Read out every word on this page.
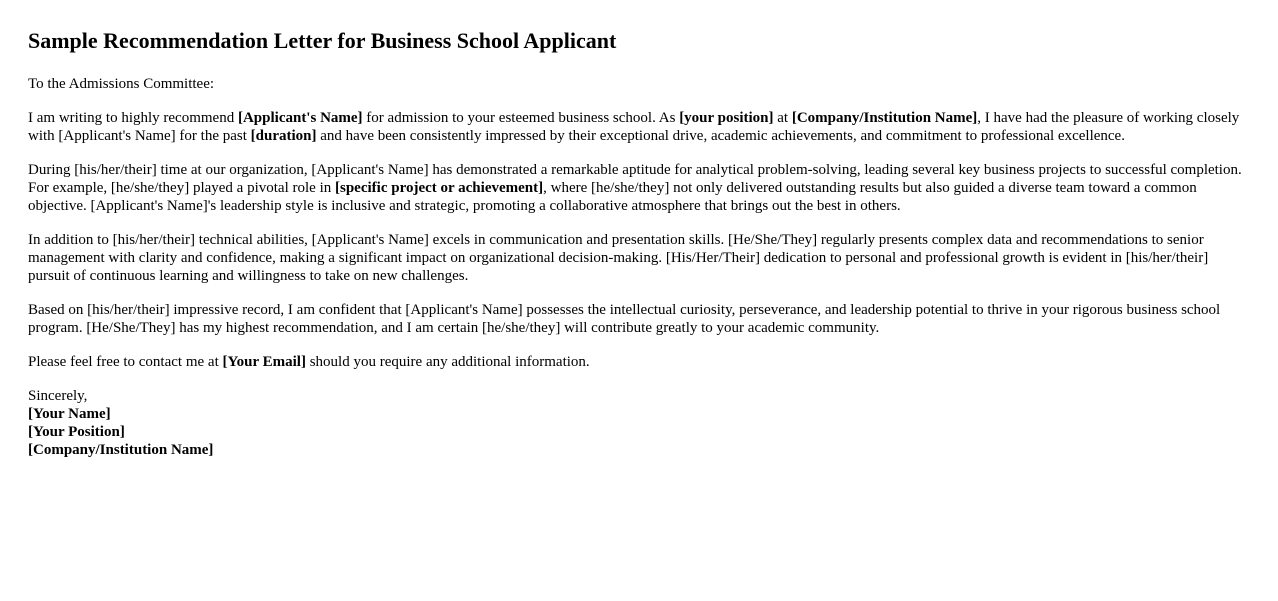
Sample Recommendation Letter for Business School Applicant

To the Admissions Committee:

I am writing to highly recommend [Applicant's Name] for admission to your esteemed business school. As [your position] at [Company/Institution Name], I have had the pleasure of working closely with [Applicant's Name] for the past [duration] and have been consistently impressed by their exceptional drive, academic achievements, and commitment to professional excellence.

During [his/her/their] time at our organization, [Applicant's Name] has demonstrated a remarkable aptitude for analytical problem-solving, leading several key business projects to successful completion. For example, [he/she/they] played a pivotal role in [specific project or achievement], where [he/she/they] not only delivered outstanding results but also guided a diverse team toward a common objective. [Applicant's Name]'s leadership style is inclusive and strategic, promoting a collaborative atmosphere that brings out the best in others.

In addition to [his/her/their] technical abilities, [Applicant's Name] excels in communication and presentation skills. [He/She/They] regularly presents complex data and recommendations to senior management with clarity and confidence, making a significant impact on organizational decision-making. [His/Her/Their] dedication to personal and professional growth is evident in [his/her/their] pursuit of continuous learning and willingness to take on new challenges.

Based on [his/her/their] impressive record, I am confident that [Applicant's Name] possesses the intellectual curiosity, perseverance, and leadership potential to thrive in your rigorous business school program. [He/She/They] has my highest recommendation, and I am certain [he/she/they] will contribute greatly to your academic community.

Please feel free to contact me at [Your Email] should you require any additional information.

Sincerely,
[Your Name]
[Your Position]
[Company/Institution Name]
